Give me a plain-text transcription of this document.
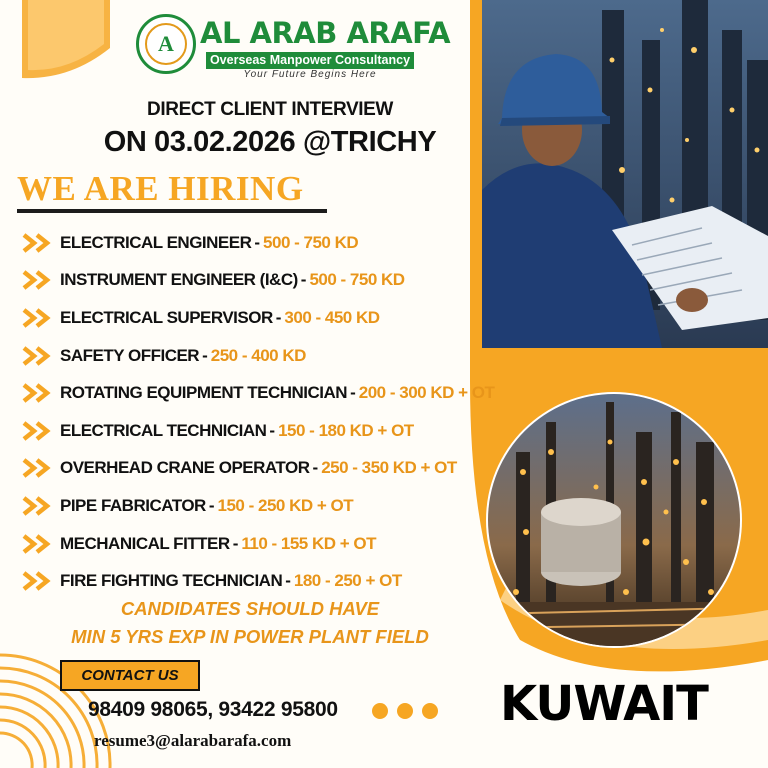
A AL ARAB ARAFA
Overseas Manpower Consultancy
Your Future Begins Here
DIRECT CLIENT INTERVIEW
ON 03.02.2026 @TRICHY
WE ARE HIRING
ELECTRICAL ENGINEER - 500 - 750 KD
INSTRUMENT ENGINEER (I&C) - 500 - 750 KD
ELECTRICAL SUPERVISOR - 300 - 450 KD
SAFETY OFFICER - 250 - 400 KD
ROTATING EQUIPMENT TECHNICIAN - 200 - 300 KD + OT
ELECTRICAL TECHNICIAN - 150 - 180 KD + OT
OVERHEAD CRANE OPERATOR - 250 - 350 KD + OT
PIPE FABRICATOR - 150 - 250 KD + OT
MECHANICAL FITTER - 110 - 155 KD + OT
FIRE FIGHTING TECHNICIAN - 180 - 250 + OT
CANDIDATES SHOULD HAVE
MIN 5 YRS EXP IN POWER PLANT FIELD
CONTACT US
98409 98065, 93422 95800
resume3@alarabarafa.com
KUWAIT
